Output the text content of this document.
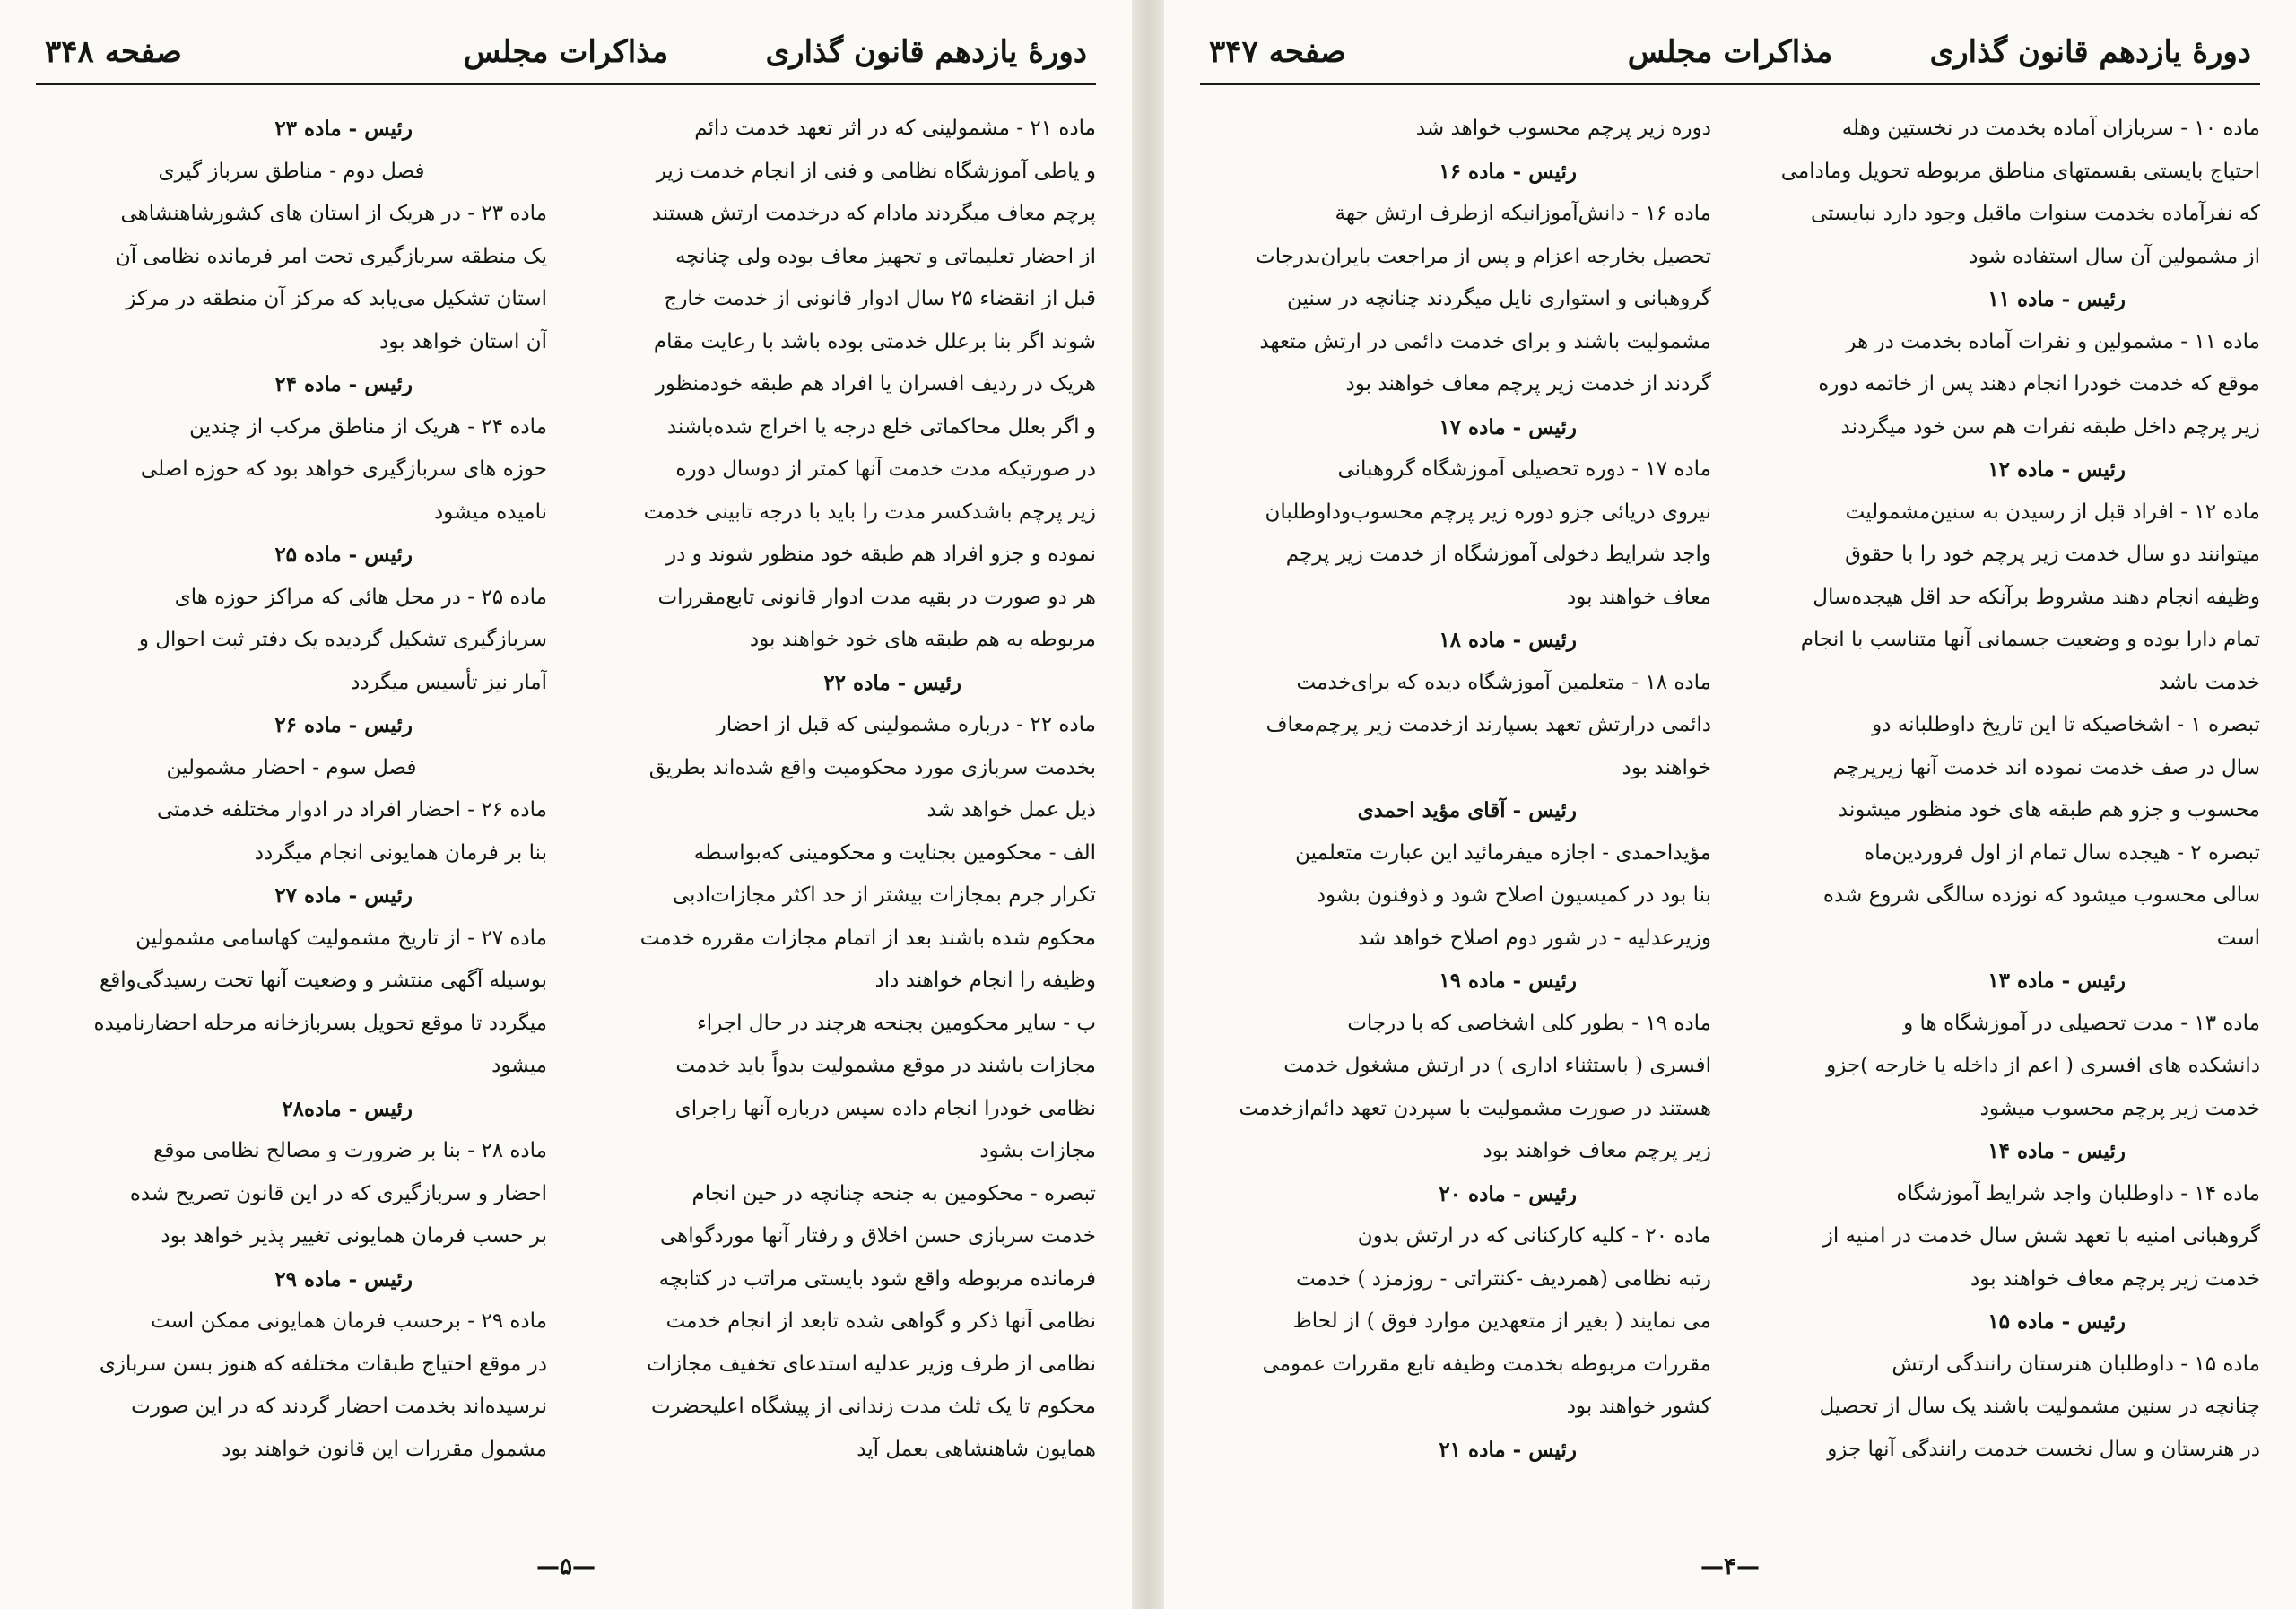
دورهٔ یازدهم قانون گذاری
مذاکرات مجلس
صفحه ۳۴۸
ماده ۲۱ - مشمولینی که در اثر تعهد خدمت دائم
و یاطی آموزشگاه نظامی و فنی از انجام خدمت زیر
پرچم معاف میگردند مادام که درخدمت ارتش هستند
از احضار تعلیماتی و تجهیز معاف بوده ولی چنانچه
قبل از انقضاء ۲۵ سال ادوار قانونی از خدمت خارج
شوند اگر بنا برعلل خدمتی بوده باشد با رعایت مقام
هریک در ردیف افسران یا افراد هم طبقه خودمنظور
و اگر بعلل محاکماتی خلع درجه یا اخراج شده‌باشند
در صورتیکه مدت خدمت آنها کمتر از دوسال دوره
زیر پرچم باشدکسر مدت را باید با درجه تابینی خدمت
نموده و جزو افراد هم طبقه خود منظور شوند و در
هر دو صورت در بقیه مدت ادوار قانونی تابع‌مقررات
مربوطه به هم طبقه های خود خواهند بود
رئیس - ماده ۲۲
ماده ۲۲ - درباره مشمولینی که قبل از احضار
بخدمت سربازی مورد محکومیت واقع شده‌اند بطریق
ذیل عمل خواهد شد
الف - محکومین بجنایت و محکومینی که‌بواسطه
تکرار جرم بمجازات بیشتر از حد اکثر مجازات‌ادبی
محکوم شده باشند بعد از اتمام مجازات مقرره خدمت
وظیفه را انجام خواهند داد
ب - سایر محکومین بجنحه هرچند در حال اجراء
مجازات باشند در موقع مشمولیت بدواً باید خدمت
نظامی خودرا انجام داده سپس درباره آنها راجرای
مجازات بشود
تبصره - محکومین به جنحه چنانچه در حین انجام
خدمت سربازی حسن اخلاق و رفتار آنها موردگواهی
فرمانده مربوطه واقع شود بایستی مراتب در کتابچه
نظامی آنها ذکر و گواهی شده تابعد از انجام خدمت
نظامی از طرف وزیر عدلیه استدعای تخفیف مجازات
محکوم تا یک ثلث مدت زندانی از پیشگاه اعلیحضرت
همایون شاهنشاهی بعمل آید
رئیس - ماده ۲۳
فصل دوم - مناطق سرباز گیری
ماده ۲۳ - در هریک از استان های کشورشاهنشاهی
یک منطقه سربازگیری تحت امر فرمانده نظامی آن
استان تشکیل می‌یابد که مرکز آن منطقه در مرکز
آن استان خواهد بود
رئیس - ماده ۲۴
ماده ۲۴ - هریک از مناطق مرکب از چندین
حوزه های سربازگیری خواهد بود که حوزه اصلی
نامیده میشود
رئیس - ماده ۲۵
ماده ۲۵ - در محل هائی که مراکز حوزه های
سربازگیری تشکیل گردیده یک دفتر ثبت احوال و
آمار نیز تأسیس میگردد
رئیس - ماده ۲۶
فصل سوم - احضار مشمولین
ماده ۲۶ - احضار افراد در ادوار مختلفه خدمتی
بنا بر فرمان همایونی انجام میگردد
رئیس - ماده ۲۷
ماده ۲۷ - از تاریخ مشمولیت کهاسامی مشمولین
بوسیله آگهی منتشر و وضعیت آنها تحت رسیدگی‌واقع
میگردد تا موقع تحویل بسربازخانه مرحله احضارنامیده
میشود
رئیس - ماده۲۸
ماده ۲۸ - بنا بر ضرورت و مصالح نظامی موقع
احضار و سربازگیری که در این قانون تصریح شده
بر حسب فرمان همایونی تغییر پذیر خواهد بود
رئیس - ماده ۲۹
ماده ۲۹ - برحسب فرمان همایونی ممکن است
در موقع احتیاج طبقات مختلفه که هنوز بسن سربازی
نرسیده‌اند بخدمت احضار گردند که در این صورت
مشمول مقررات این قانون خواهند بود
—۵—
دورهٔ یازدهم قانون گذاری
مذاکرات مجلس
صفحه ۳۴۷
ماده ۱۰ - سربازان آماده بخدمت در نخستین وهله
احتیاج بایستی بقسمتهای مناطق مربوطه تحویل ومادامی
که نفرآماده بخدمت سنوات ماقبل وجود دارد نبایستی
از مشمولین آن سال استفاده شود
رئیس - ماده ۱۱
ماده ۱۱ - مشمولین و نفرات آماده بخدمت در هر
موقع که خدمت خودرا انجام دهند پس از خاتمه دوره
زیر پرچم داخل طبقه نفرات هم سن خود میگردند
رئیس - ماده ۱۲
ماده ۱۲ - افراد قبل از رسیدن به سنین‌مشمولیت
میتوانند دو سال خدمت زیر پرچم خود را با حقوق
وظیفه انجام دهند مشروط برآنکه حد اقل هیجده‌سال
تمام دارا بوده و وضعیت جسمانی آنها متناسب با انجام
خدمت باشد
تبصره ۱ - اشخاصیکه تا این تاریخ داوطلبانه دو
سال در صف خدمت نموده اند خدمت آنها زیرپرچم
محسوب و جزو هم طبقه های خود منظور میشوند
تبصره ۲ - هیجده سال تمام از اول فروردین‌ماه
سالی محسوب میشود که نوزده سالگی شروع شده
است
رئیس - ماده ۱۳
ماده ۱۳ - مدت تحصیلی در آموزشگاه ها و
دانشکده های افسری ( اعم از داخله یا خارجه )جزو
خدمت زیر پرچم محسوب میشود
رئیس - ماده ۱۴
ماده ۱۴ - داوطلبان واجد شرایط آموزشگاه
گروهبانی امنیه با تعهد شش سال خدمت در امنیه از
خدمت زیر پرچم معاف خواهند بود
رئیس - ماده ۱۵
ماده ۱۵ - داوطلبان هنرستان رانندگی ارتش
چنانچه در سنین مشمولیت باشند یک سال از تحصیل
در هنرستان و سال نخست خدمت رانندگی آنها جزو
دوره زیر پرچم محسوب خواهد شد
رئیس - ماده ۱۶
ماده ۱۶ - دانش‌آموزانیکه ازطرف ارتش جهة
تحصیل بخارجه اعزام و پس از مراجعت بایران‌بدرجات
گروهبانی و استواری نایل میگردند چنانچه در سنین
مشمولیت باشند و برای خدمت دائمی در ارتش متعهد
گردند از خدمت زیر پرچم معاف خواهند بود
رئیس - ماده ۱۷
ماده ۱۷ - دوره تحصیلی آموزشگاه گروهبانی
نیروی دریائی جزو دوره زیر پرچم محسوب‌وداوطلبان
واجد شرایط دخولی آموزشگاه از خدمت زیر پرچم
معاف خواهند بود
رئیس - ماده ۱۸
ماده ۱۸ - متعلمین آموزشگاه دیده که برای‌خدمت
دائمی درارتش تعهد بسپارند ازخدمت زیر پرچم‌معاف
خواهند بود
رئیس - آقای مؤید احمدی
مؤیداحمدی - اجازه میفرمائید این عبارت متعلمین
بنا بود در کمیسیون اصلاح شود و ذوفنون بشود
وزیرعدلیه - در شور دوم اصلاح خواهد شد
رئیس - ماده ۱۹
ماده ۱۹ - بطور کلی اشخاصی که با درجات
افسری ( باستثناء اداری ) در ارتش مشغول خدمت
هستند در صورت مشمولیت با سپردن تعهد دائم‌ازخدمت
زیر پرچم معاف خواهند بود
رئیس - ماده ۲۰
ماده ۲۰ - کلیه کارکنانی که در ارتش بدون
رتبه نظامی (همردیف -کنتراتی - روزمزد ) خدمت
می نمایند ( بغیر از متعهدین موارد فوق ) از لحاظ
مقررات مربوطه بخدمت وظیفه تابع مقررات عمومی
کشور خواهند بود
رئیس - ماده ۲۱
—۴—
